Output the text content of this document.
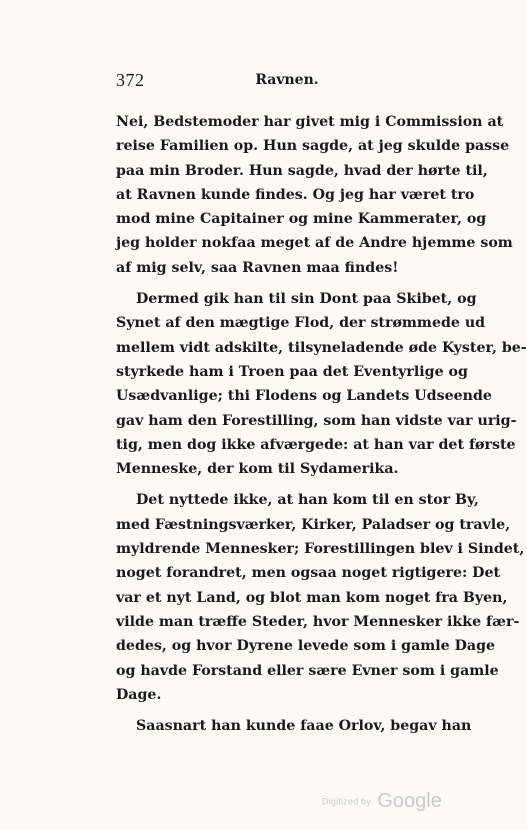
372	Ravnen.

Nei, Bedstemoder har givet mig i Commission at
reise Familien op. Hun sagde, at jeg skulde passe
paa min Broder. Hun sagde, hvad der hørte til,
at Ravnen kunde findes. Og jeg har været tro
mod mine Capitainer og mine Kammerater, og
jeg holder nokfaa meget af de Andre hjemme som
af mig selv, saa Ravnen maa findes!

Dermed gik han til sin Dont paa Skibet, og
Synet af den mægtige Flod, der strømmede ud
mellem vidt adskilte, tilsyneladende øde Kyster, be-
styrkede ham i Troen paa det Eventyrlige og
Usædvanlige; thi Flodens og Landets Udseende
gav ham den Forestilling, som han vidste var urig-
tig, men dog ikke afværgede: at han var det første
Menneske, der kom til Sydamerika.

Det nyttede ikke, at han kom til en stor By,
med Fæstningsværker, Kirker, Paladser og travle,
myldrende Mennesker; Forestillingen blev i Sindet,
noget forandret, men ogsaa noget rigtigere: Det
var et nyt Land, og blot man kom noget fra Byen,
vilde man træffe Steder, hvor Mennesker ikke fær-
dedes, og hvor Dyrene levede som i gamle Dage
og havde Forstand eller sære Evner som i gamle
Dage.

Saasnart han kunde faae Orlov, begav han

Digitized by Google
